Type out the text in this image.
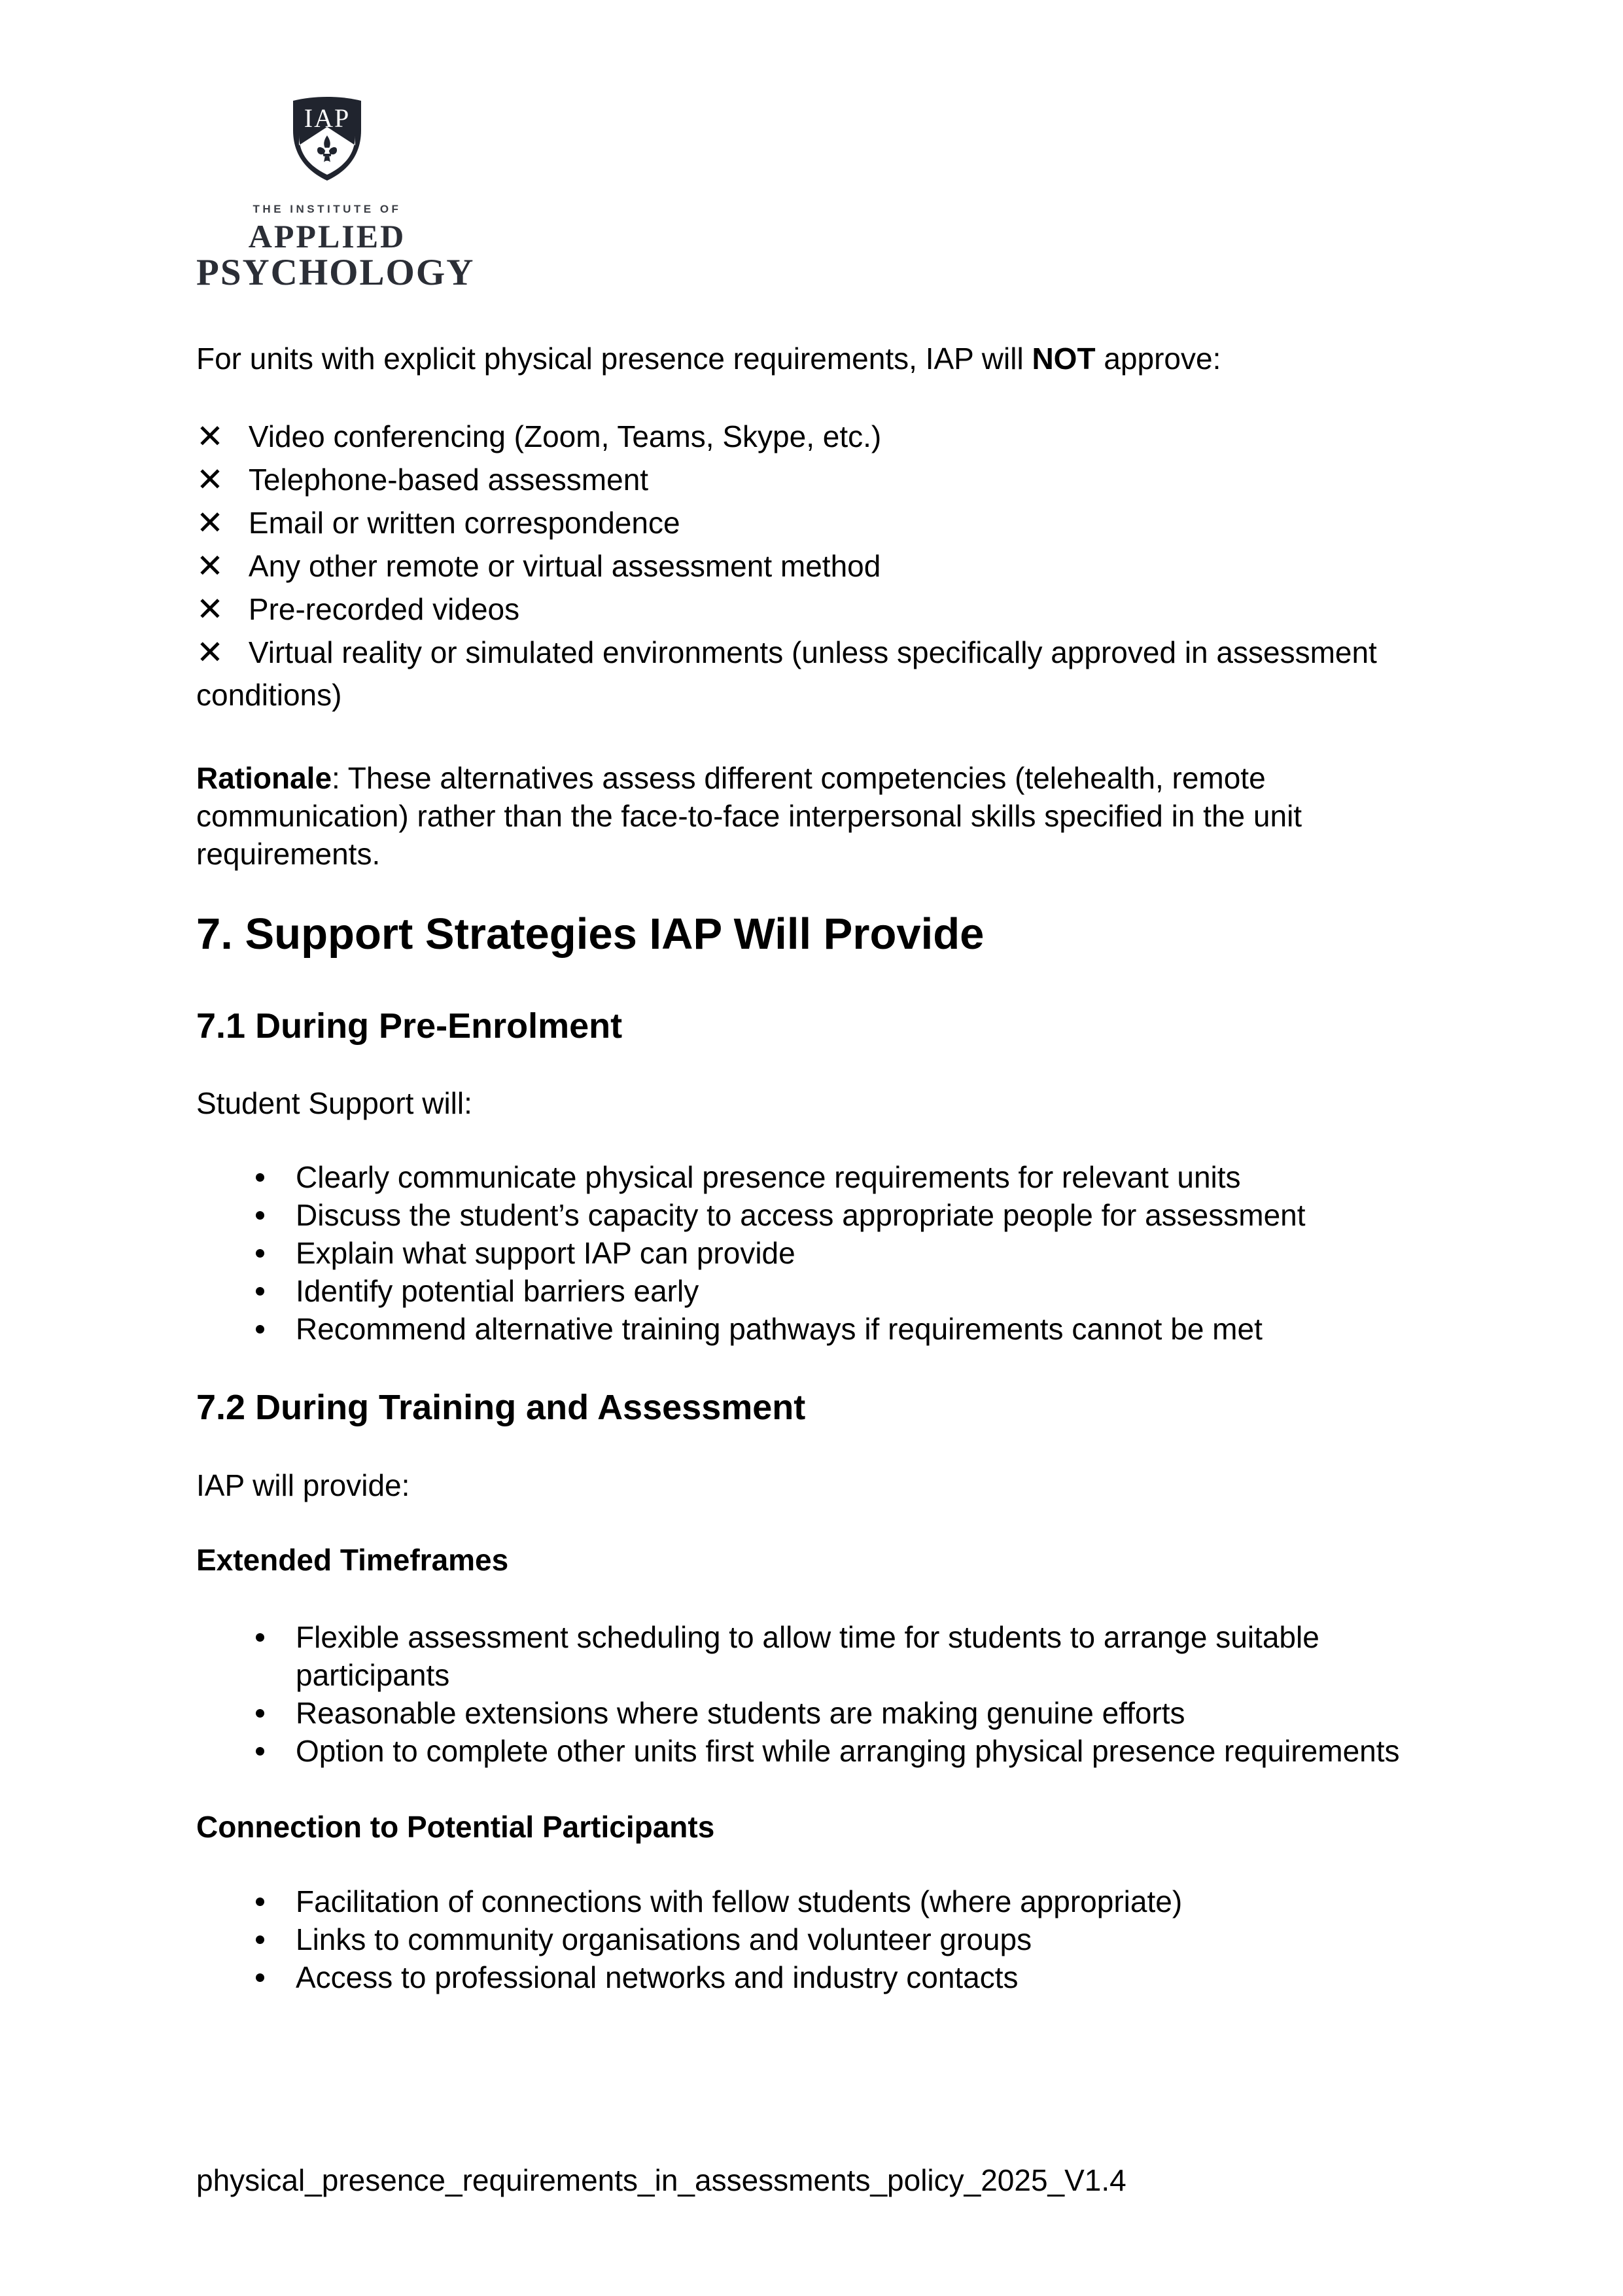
IAP
THE INSTITUTE OF
APPLIED
PSYCHOLOGY

For units with explicit physical presence requirements, IAP will NOT approve:

✕ Video conferencing (Zoom, Teams, Skype, etc.)

✕ Telephone-based assessment

✕ Email or written correspondence

✕ Any other remote or virtual assessment method

✕ Pre-recorded videos

✕ Virtual reality or simulated environments (unless specifically approved in assessment conditions)

Rationale: These alternatives assess different competencies (telehealth, remote communication) rather than the face-to-face interpersonal skills specified in the unit requirements.

7. Support Strategies IAP Will Provide
7.1 During Pre-Enrolment

Student Support will:

Clearly communicate physical presence requirements for relevant units
Discuss the student’s capacity to access appropriate people for assessment
Explain what support IAP can provide
Identify potential barriers early
Recommend alternative training pathways if requirements cannot be met
7.2 During Training and Assessment

IAP will provide:

Extended Timeframes

Flexible assessment scheduling to allow time for students to arrange suitable participants
Reasonable extensions where students are making genuine efforts
Option to complete other units first while arranging physical presence requirements

Connection to Potential Participants

Facilitation of connections with fellow students (where appropriate)
Links to community organisations and volunteer groups
Access to professional networks and industry contacts
physical_presence_requirements_in_assessments_policy_2025_V1.4
